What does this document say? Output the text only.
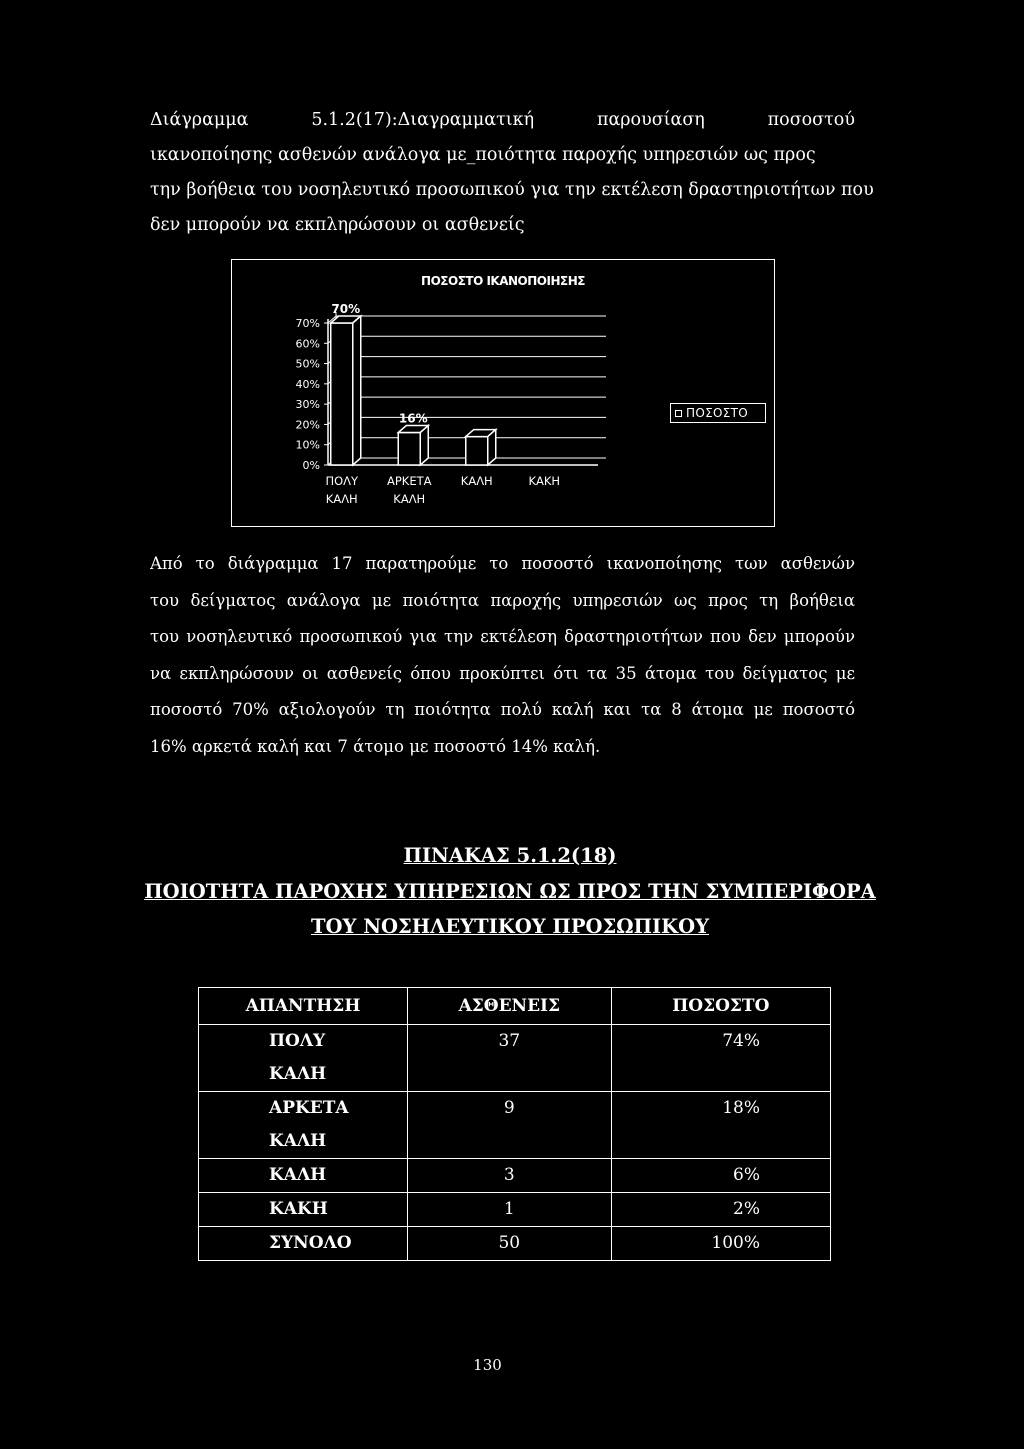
Διάγραμμα	5.1.2(17):Διαγραμματική	παρουσίαση	ποσοστού
ικανοποίησης ασθενών ανάλογα με_ποιότητα παροχής υπηρεσιών ως προς
την βοήθεια του νοσηλευτικό προσωπικού για την εκτέλεση δραστηριοτήτων που
δεν μπορούν να εκπληρώσουν οι ασθενείς
ΠΟΣΟΣΤΟ ΙΚΑΝΟΠΟΙΗΣΗΣ
0%
10%
20%
30%
40%
50%
60%
70%
70%
ΠΟΛΥ
ΚΑΛΗ
16%
ΑΡΚΕΤΑ
ΚΑΛΗ
ΚΑΛΗ	ΚΑΚΗ
ΠΟΣΟΣΤΟ
Από το διάγραμμα 17 παρατηρούμε το ποσοστό ικανοποίησης των ασθενών
του δείγματος ανάλογα με ποιότητα παροχής υπηρεσιών ως προς τη βοήθεια
του νοσηλευτικό προσωπικού για την εκτέλεση δραστηριοτήτων που δεν μπορούν
να εκπληρώσουν οι ασθενείς όπου προκύπτει ότι τα 35 άτομα του δείγματος με
ποσοστό 70% αξιολογούν τη ποιότητα πολύ καλή και τα 8 άτομα με ποσοστό
16% αρκετά καλή και 7 άτομο με ποσοστό 14% καλή.
ΠΙΝΑΚΑΣ 5.1.2(18)
ΠΟΙΟΤΗΤΑ ΠΑΡΟΧΗΣ ΥΠΗΡΕΣΙΩΝ ΩΣ ΠΡΟΣ ΤΗΝ ΣΥΜΠΕΡΙΦΟΡΑ
ΤΟΥ ΝΟΣΗΛΕΥΤΙΚΟΥ ΠΡΟΣΩΠΙΚΟΥ
ΑΠΑΝΤΗΣΗ	ΑΣΘΕΝΕΙΣ	ΠΟΣΟΣΤΟ
ΠΟΛΥ
ΚΑΛΗ	37	74%
ΑΡΚΕΤΑ
ΚΑΛΗ	9	18%
ΚΑΛΗ	3	6%
ΚΑΚΗ	1	2%
ΣΥΝΟΛΟ	50	100%
130
